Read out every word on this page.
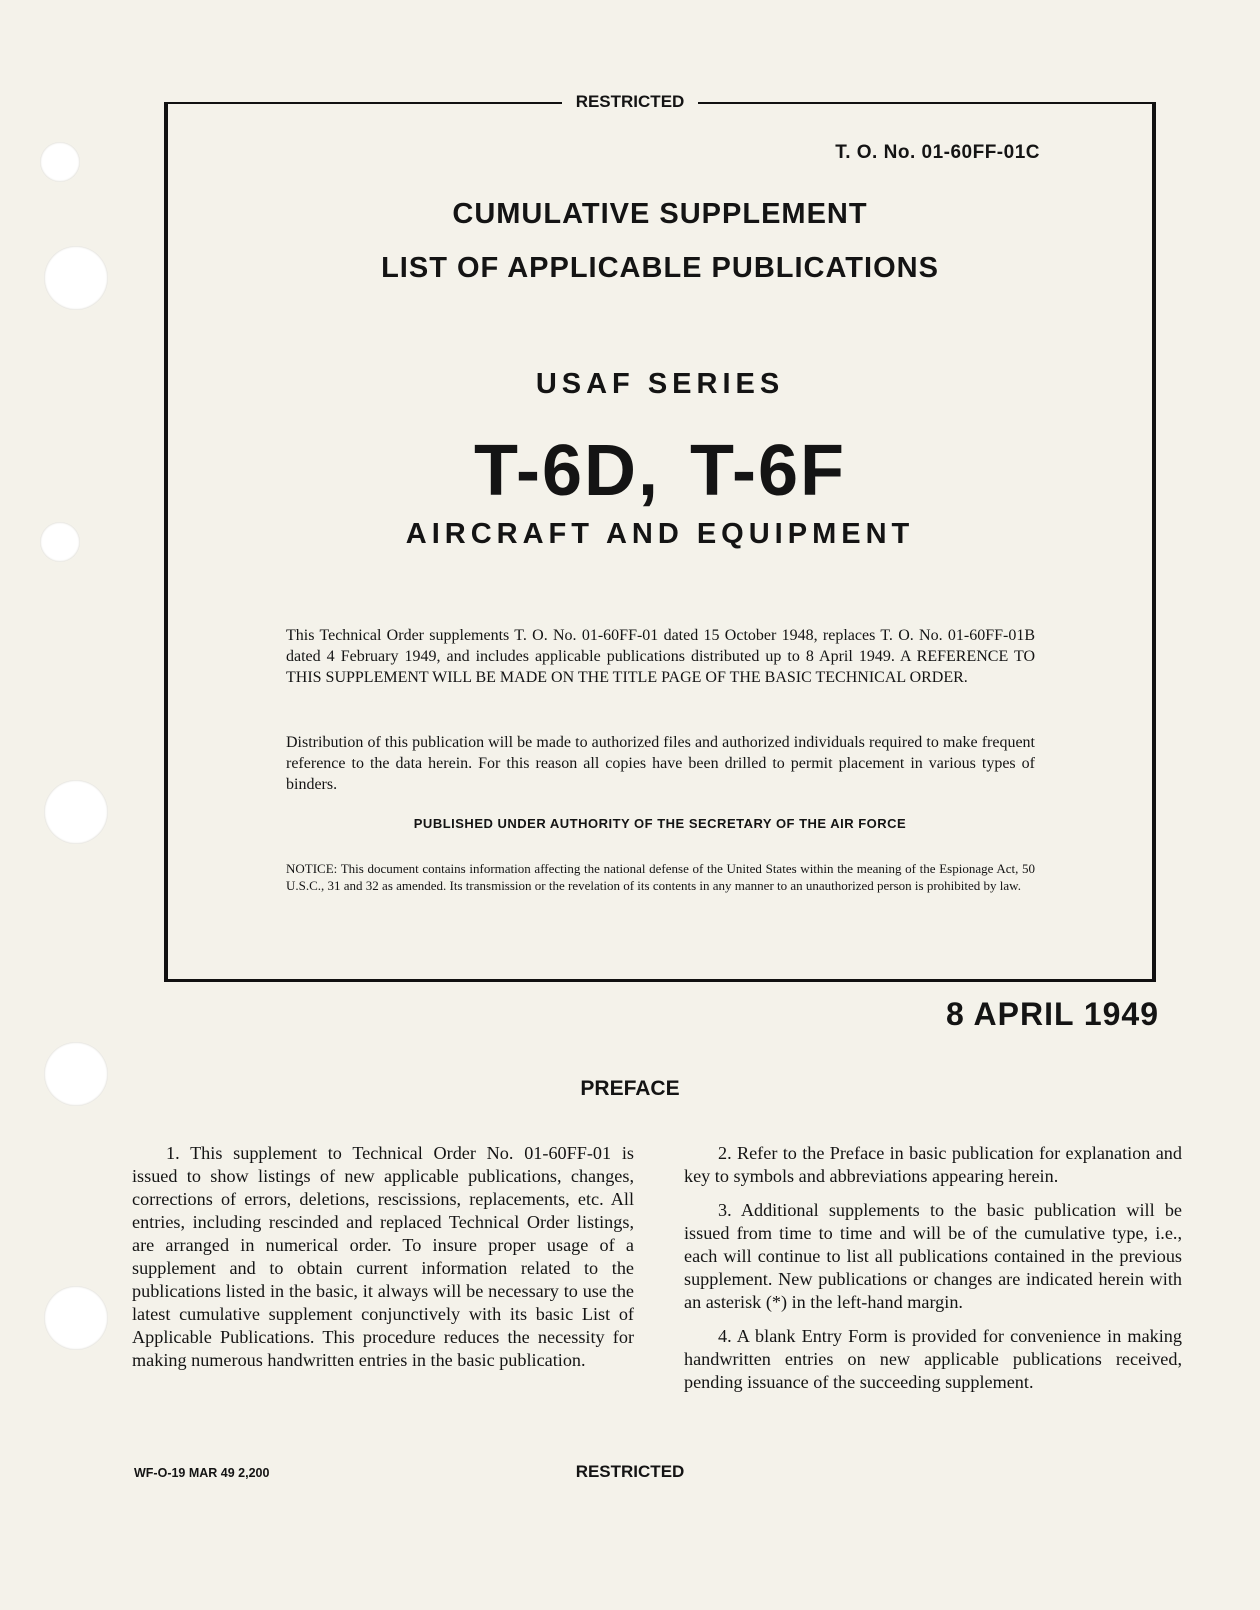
RESTRICTED
T. O. No. 01-60FF-01C
CUMULATIVE SUPPLEMENT
LIST OF APPLICABLE PUBLICATIONS
USAF SERIES
T-6D, T-6F
AIRCRAFT AND EQUIPMENT
This Technical Order supplements T. O. No. 01-60FF-01 dated 15 October 1948, replaces T. O. No. 01-60FF-01B dated 4 February 1949, and includes applicable publications distributed up to 8 April 1949. A REFERENCE TO THIS SUPPLEMENT WILL BE MADE ON THE TITLE PAGE OF THE BASIC TECHNICAL ORDER.
Distribution of this publication will be made to authorized files and authorized individuals required to make frequent reference to the data herein. For this reason all copies have been drilled to permit placement in various types of binders.
PUBLISHED UNDER AUTHORITY OF THE SECRETARY OF THE AIR FORCE
NOTICE: This document contains information affecting the national defense of the United States within the meaning of the Espionage Act, 50 U.S.C., 31 and 32 as amended. Its transmission or the revelation of its contents in any manner to an unauthorized person is prohibited by law.
8 APRIL 1949
PREFACE

1. This supplement to Technical Order No. 01-60FF-01 is issued to show listings of new applicable publications, changes, corrections of errors, deletions, rescissions, replacements, etc. All entries, including rescinded and replaced Technical Order listings, are arranged in numerical order. To insure proper usage of a supplement and to obtain current information related to the publications listed in the basic, it always will be necessary to use the latest cumulative supplement conjunctively with its basic List of Applicable Publications. This procedure reduces the necessity for making numerous handwritten entries in the basic publication.

2. Refer to the Preface in basic publication for explanation and key to symbols and abbreviations appearing herein.

3. Additional supplements to the basic publication will be issued from time to time and will be of the cumulative type, i.e., each will continue to list all publications contained in the previous supplement. New publications or changes are indicated herein with an asterisk (*) in the left-hand margin.

4. A blank Entry Form is provided for convenience in making handwritten entries on new applicable publications received, pending issuance of the succeeding supplement.

WF-O-19 MAR 49 2,200	RESTRICTED
